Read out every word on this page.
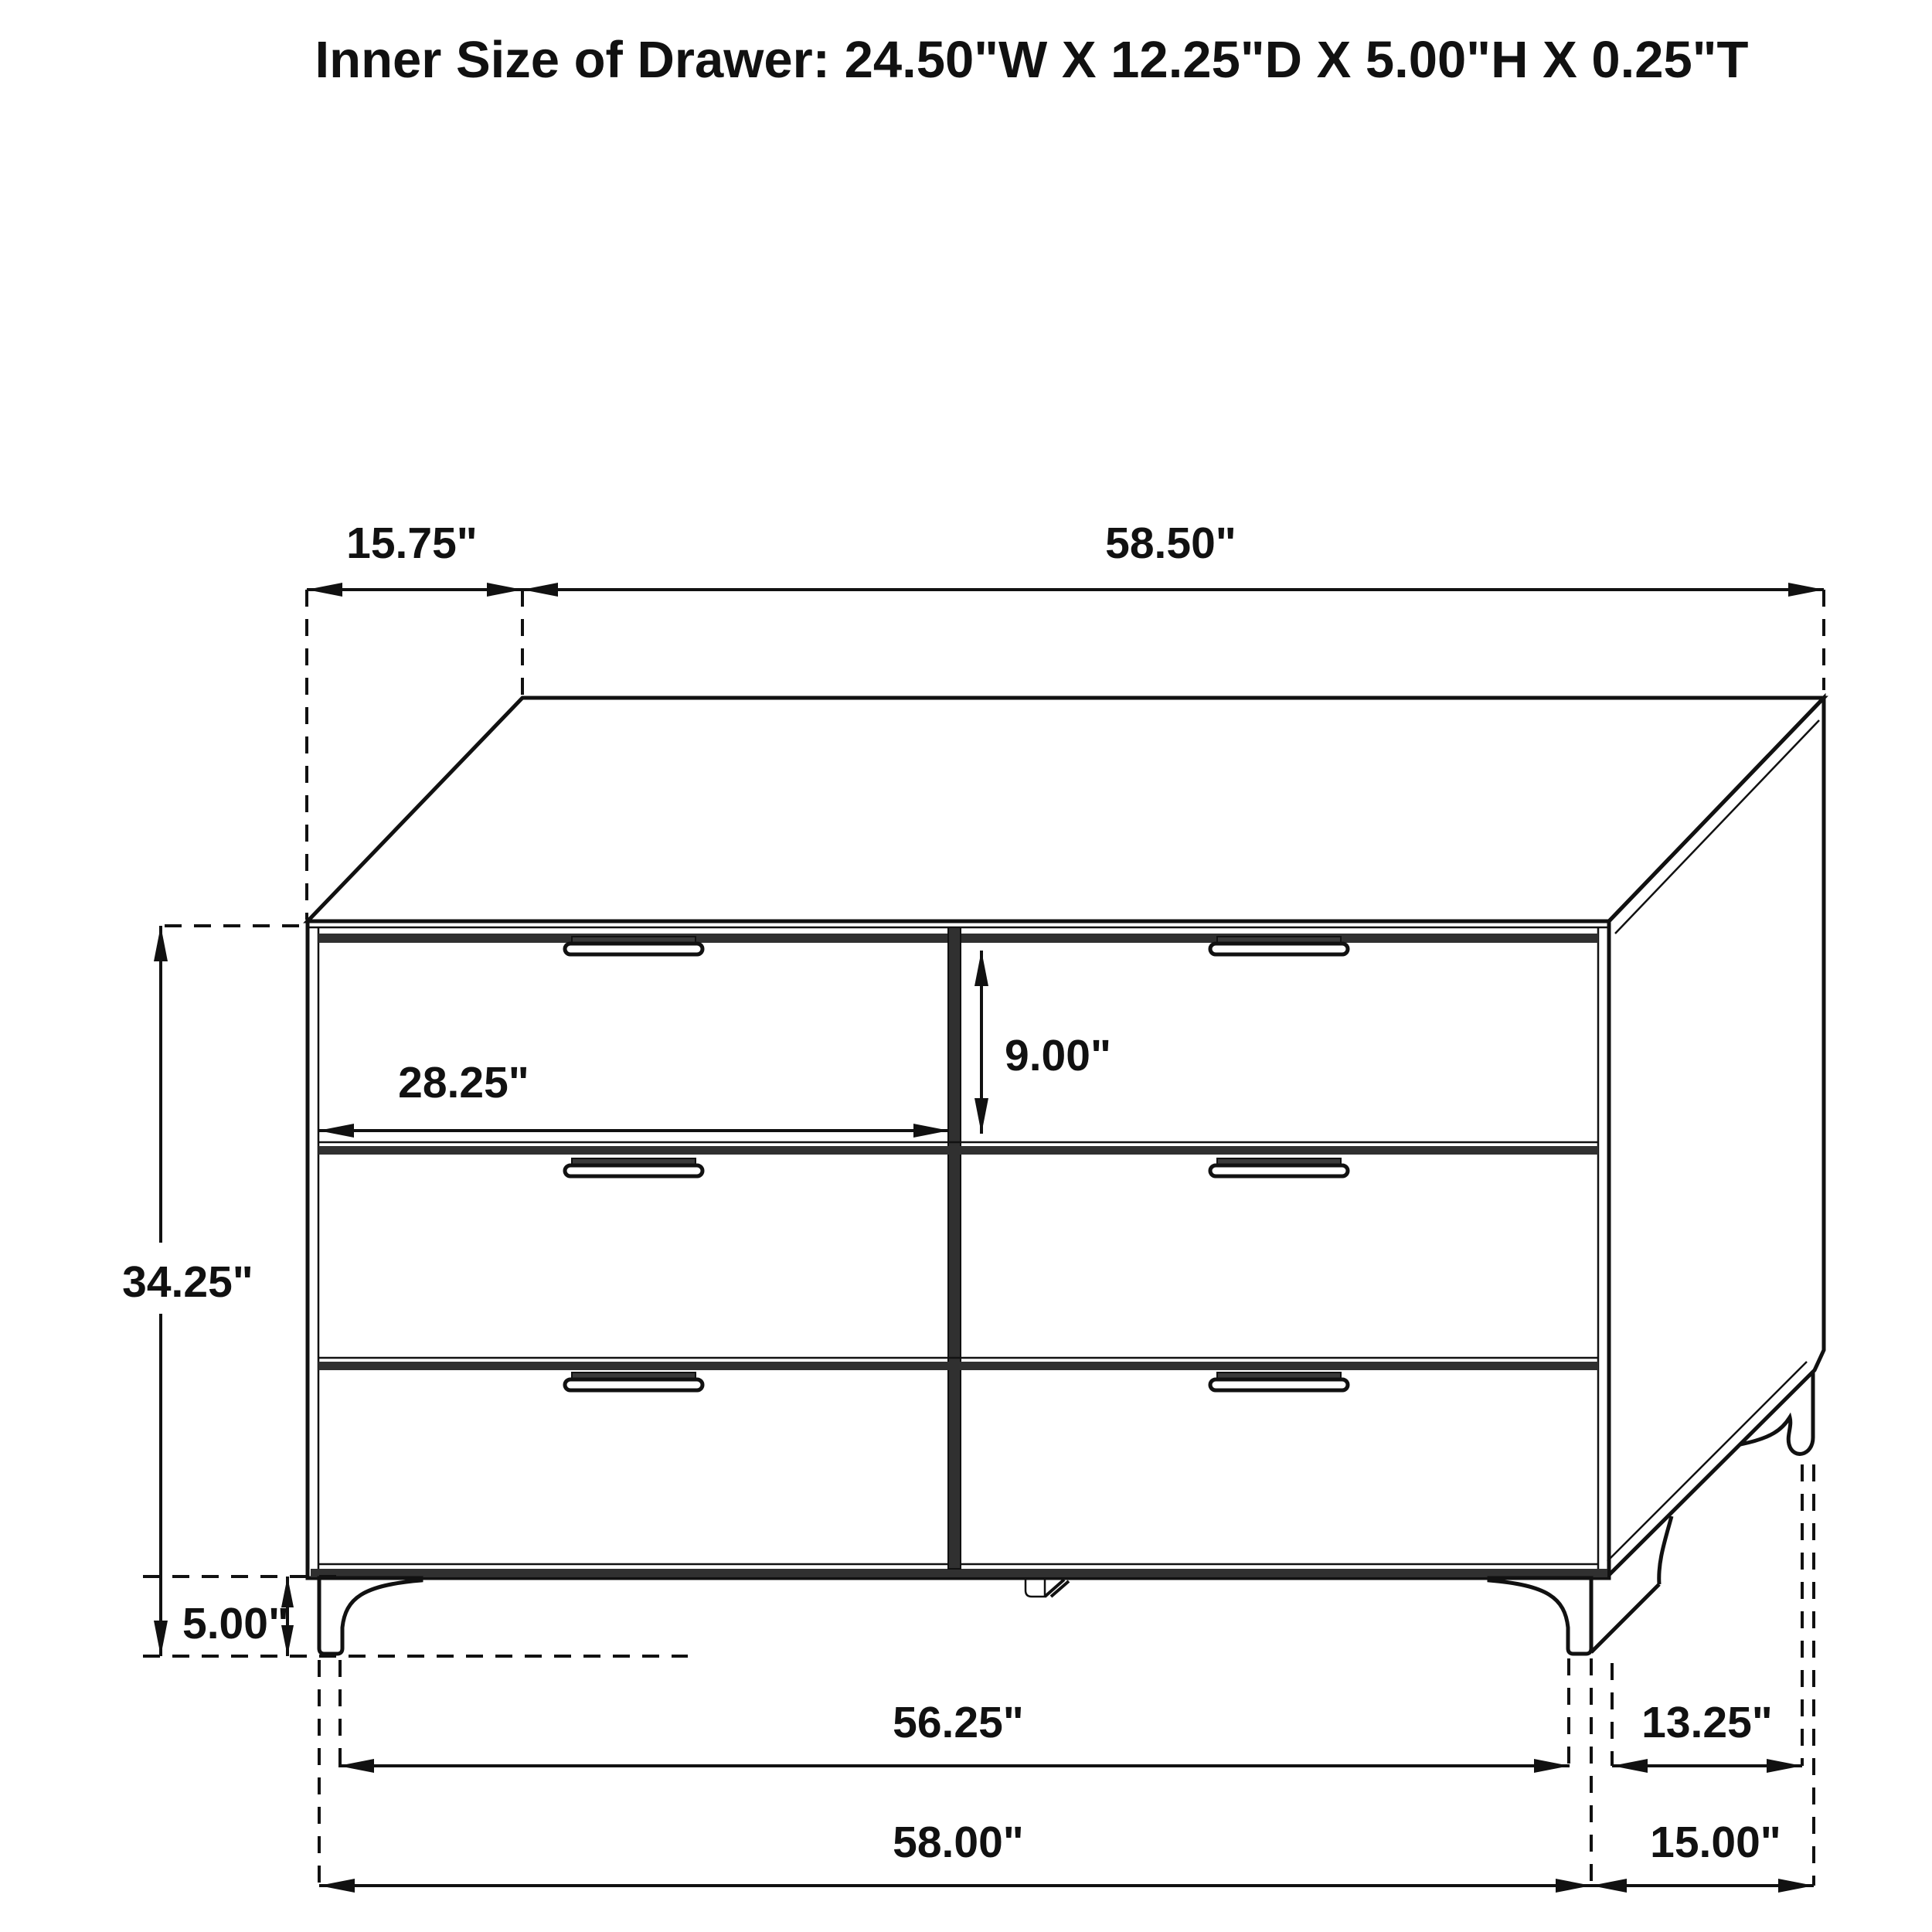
Inner Size of Drawer: 24.50"W X 12.25"D X 5.00"H X 0.25"T
15.75"	58.50"
34.25"
28.25"
9.00"
5.00"
56.25"	13.25"
58.00"	15.00"
